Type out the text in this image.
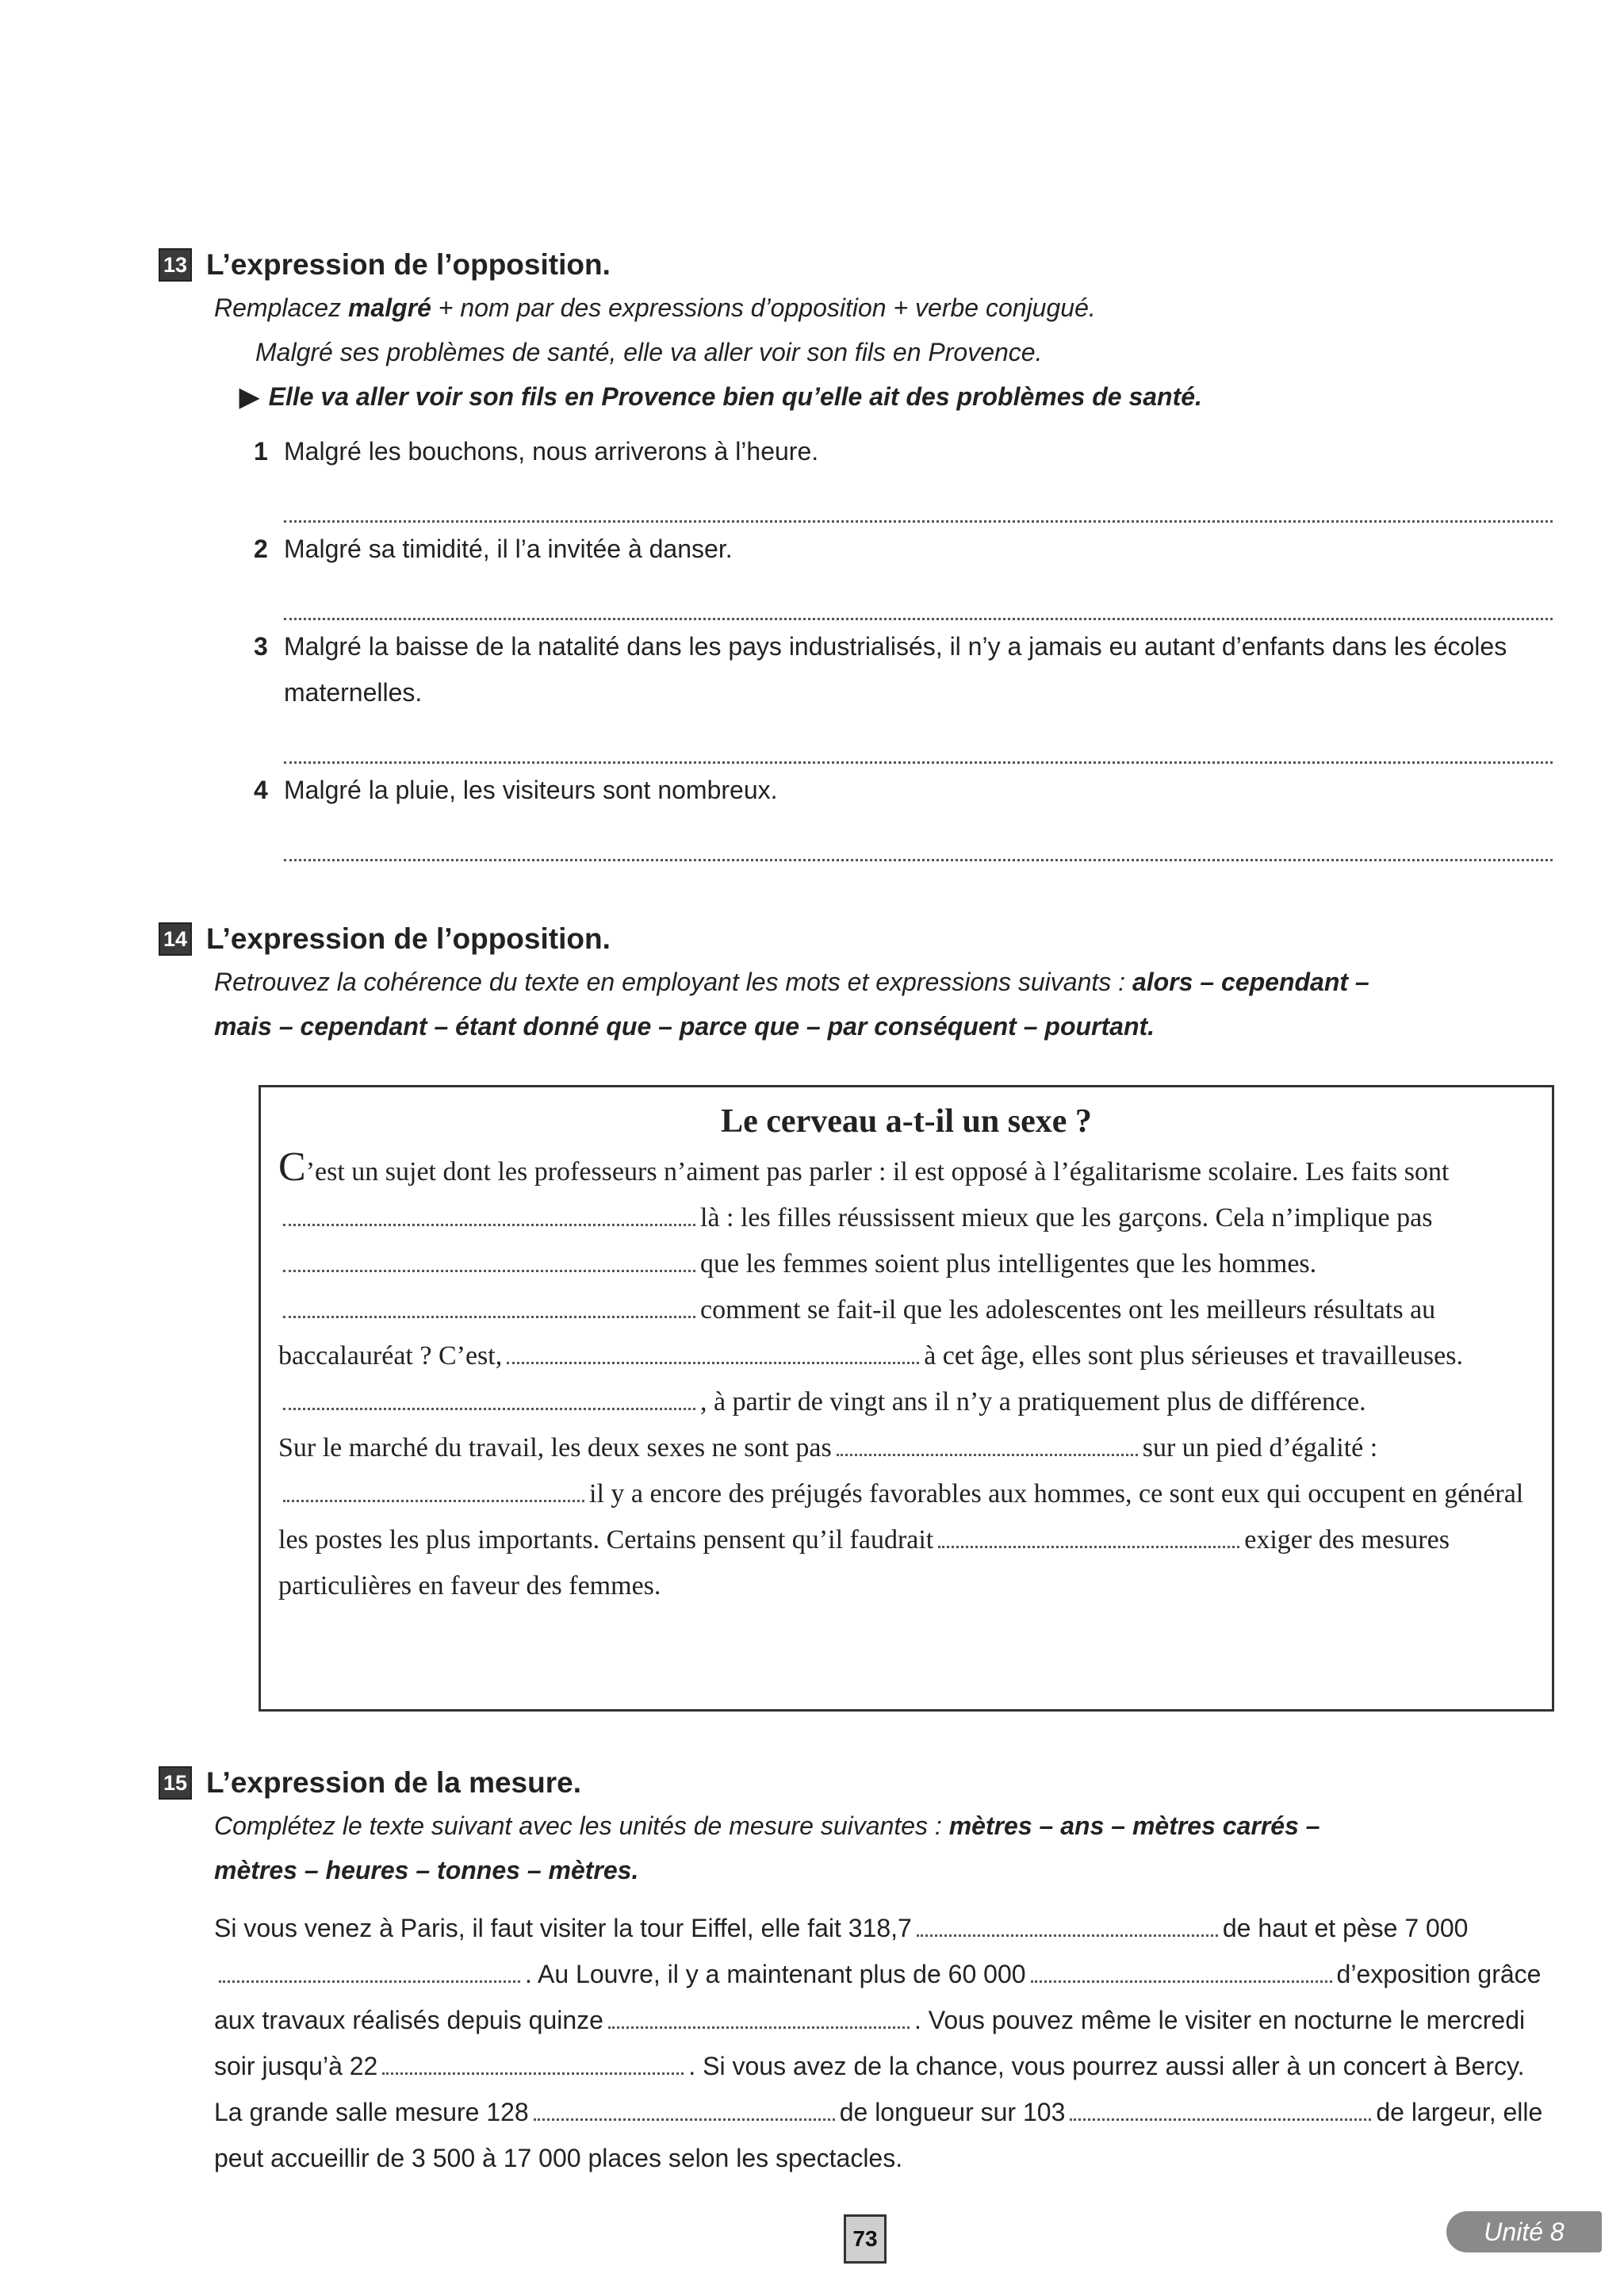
13 L’expression de l’opposition.
Remplacez malgré + nom par des expressions d’opposition + verbe conjugué.
Malgré ses problèmes de santé, elle va aller voir son fils en Provence.
▶ Elle va aller voir son fils en Provence bien qu’elle ait des problèmes de santé.
1 Malgré les bouchons, nous arriverons à l’heure.
2 Malgré sa timidité, il l’a invitée à danser.
3 Malgré la baisse de la natalité dans les pays industrialisés, il n’y a jamais eu autant d’enfants dans les écoles maternelles.
4 Malgré la pluie, les visiteurs sont nombreux.
14 L’expression de l’opposition.
Retrouvez la cohérence du texte en employant les mots et expressions suivants : alors – cependant –
mais – cependant – étant donné que – parce que – par conséquent – pourtant.
Le cerveau a-t-il un sexe ?

C’est un sujet dont les professeurs n’aiment pas parler : il est opposé à l’égalitarisme scolaire. Les faits sontlà : les filles réussissent mieux que les garçons. Cela n’implique pasque les femmes soient plus intelligentes que les hommes.comment se fait-il que les adolescentes ont les meilleurs résultats au baccalauréat ? C’est,	à cet âge, elles sont plus sérieuses et travailleuses., à partir de vingt ans il n’y a pratiquement plus de différence.

Sur le marché du travail, les deux sexes ne sont pas	sur un pied d’égalité :il y a encore des préjugés favorables aux hommes, ce sont eux qui occupent en général les postes les plus importants. Certains pensent qu’il faudrait	exiger des mesures particulières en faveur des femmes.

15 L’expression de la mesure.
Complétez le texte suivant avec les unités de mesure suivantes : mètres – ans – mètres carrés –
mètres – heures – tonnes – mètres.
Si vous venez à Paris, il faut visiter la tour Eiffel, elle fait 318,7	de haut et pèse 7 000. Au Louvre, il y a maintenant plus de 60 000	d’exposition grâce aux travaux réalisés depuis quinze	. Vous pouvez même le visiter en nocturne le mercredi soir jusqu’à 22	. Si vous avez de la chance, vous pourrez aussi aller à un concert à Bercy. La grande salle mesure 128	de longueur sur 103	de largeur, elle peut accueillir de 3 500 à 17 000 places selon les spectacles.
73	Unité 8
